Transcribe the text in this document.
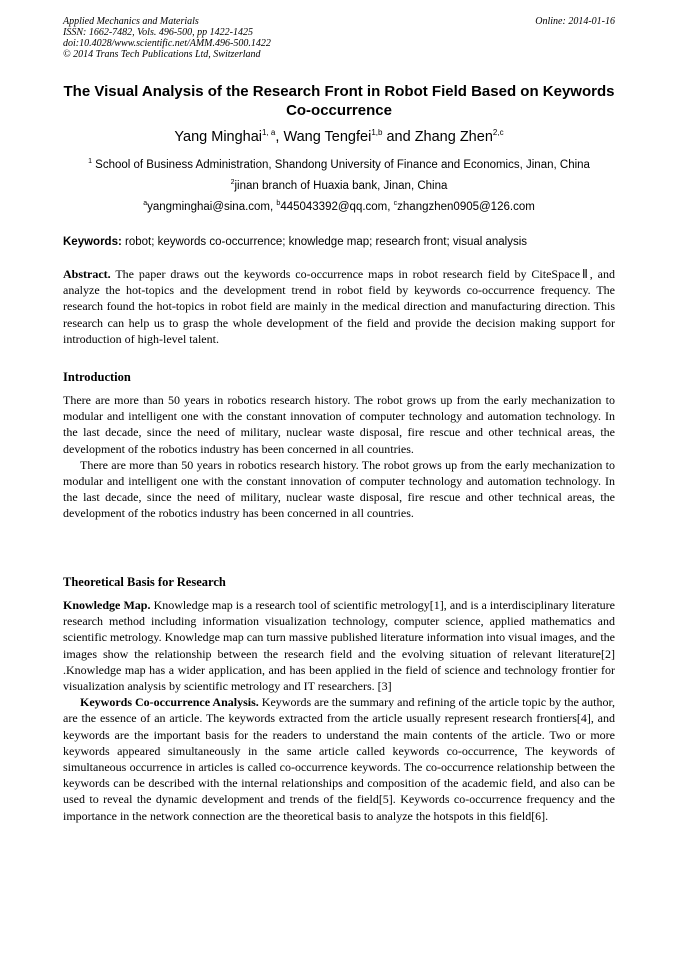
Applied Mechanics and Materials
ISSN: 1662-7482, Vols. 496-500, pp 1422-1425
doi:10.4028/www.scientific.net/AMM.496-500.1422
© 2014 Trans Tech Publications Ltd, Switzerland
Online: 2014-01-16
The Visual Analysis of the Research Front in Robot Field Based on Keywords Co-occurrence
Yang Minghai$^{1, a}$, Wang Tengfei$^{1,b}$ and Zhang Zhen$^{2,c}$
$^1$ School of Business Administration, Shandong University of Finance and Economics, Jinan, China
$^2$jinan branch of Huaxia bank, Jinan, China
$^a$yangminghai@sina.com, $^b$445043392@qq.com, $^c$zhangzhen0905@126.com
Keywords: robot; keywords co-occurrence; knowledge map; research front; visual analysis

Abstract. The paper draws out the keywords co-occurrence maps in robot research field by CiteSpaceⅡ, and analyze the hot-topics and the development trend in robot field by keywords co-occurrence frequency. The research found the hot-topics in robot field are mainly in the medical direction and manufacturing direction. This research can help us to grasp the whole development of the field and provide the decision making support for introduction of high-level talent.

Introduction

There are more than 50 years in robotics research history. The robot grows up from the early mechanization to modular and intelligent one with the constant innovation of computer technology and automation technology. In the last decade, since the need of military, nuclear waste disposal, fire rescue and other technical areas, the development of the robotics industry has been concerned in all countries.

There are more than 50 years in robotics research history. The robot grows up from the early mechanization to modular and intelligent one with the constant innovation of computer technology and automation technology. In the last decade, since the need of military, nuclear waste disposal, fire rescue and other technical areas, the development of the robotics industry has been concerned in all countries.

Theoretical Basis for Research

Knowledge Map. Knowledge map is a research tool of scientific metrology[1], and is a interdisciplinary literature research method including information visualization technology, computer science, applied mathematics and scientific metrology. Knowledge map can turn massive published literature information into visual images, and the images show the relationship between the research field and the evolving situation of relevant literature[2] .Knowledge map has a wider application, and has been applied in the field of science and technology frontier for visualization analysis by scientific metrology and IT researchers. [3]

Keywords Co-occurrence Analysis. Keywords are the summary and refining of the article topic by the author, are the essence of an article. The keywords extracted from the article usually represent research frontiers[4], and keywords are the important basis for the readers to understand the main contents of the article. Two or more keywords appeared simultaneously in the same article called keywords co-occurrence, The keywords of simultaneous occurrence in articles is called co-occurrence keywords. The co-occurrence relationship between the keywords can be described with the internal relationships and composition of the academic field, and also can be used to reveal the dynamic development and trends of the field[5]. Keywords co-occurrence frequency and the importance in the network connection are the theoretical basis to analyze the hotspots in this field[6].
